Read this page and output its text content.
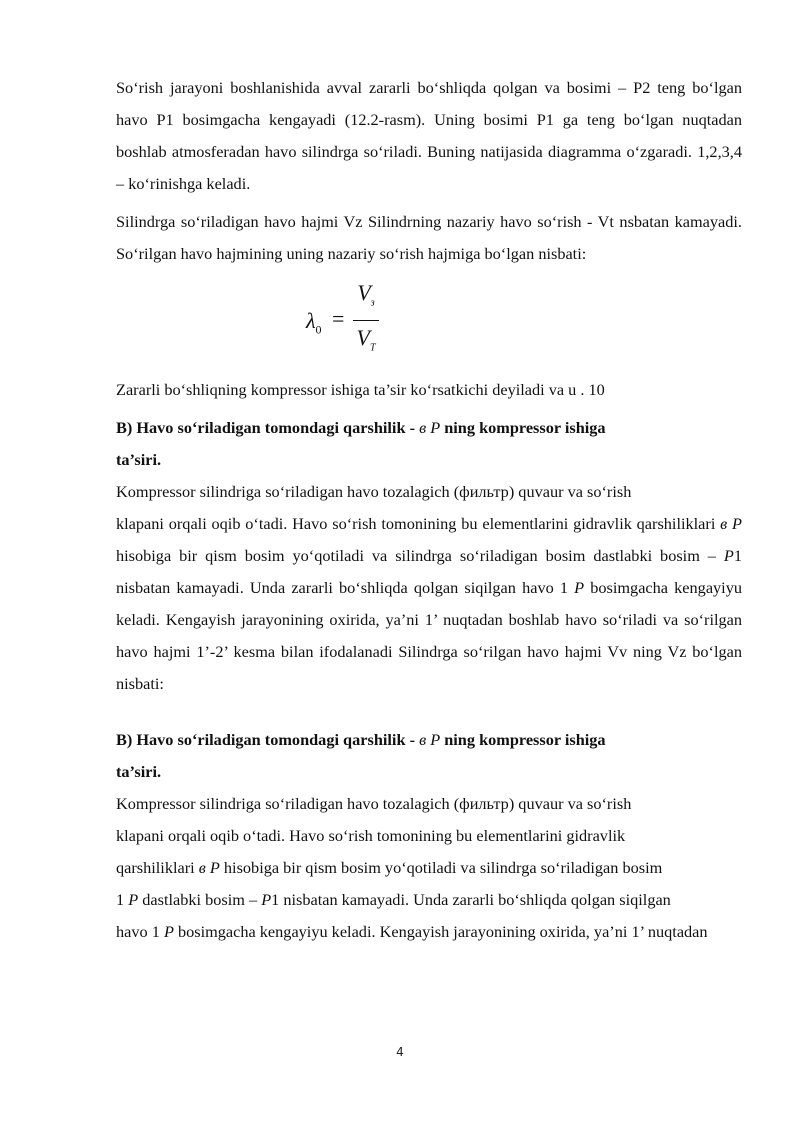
So‘rish jarayoni boshlanishida avval zararli bo‘shliqda qolgan va bosimi – P2 teng bo‘lgan havo P1 bosimgacha kengayadi (12.2-rasm). Uning bosimi P1 ga teng bo‘lgan nuqtadan boshlab atmosferadan havo silindrga so‘riladi. Buning natijasida diagramma o‘zgaradi. 1,2,3,4 – ko‘rinishga keladi.

Silindrga so‘riladigan havo hajmi Vz Silindrning nazariy havo so‘rish - Vt nsbatan kamayadi. So‘rilgan havo hajmining uning nazariy so‘rish hajmiga bo‘lgan nisbati:

$\lambda_0$ =
$V_з$
$V_T$

Zararli bo‘shliqning kompressor ishiga ta’sir ko‘rsatkichi deyiladi va u . 10

B) Havo so‘riladigan tomondagi qarshilik - в P ning kompressor ishiga

ta’siri.

Kompressor silindriga so‘riladigan havo tozalagich (фильтр) quvaur va so‘rish

klapani orqali oqib o‘tadi. Havo so‘rish tomonining bu elementlarini gidravlik qarshiliklari в P hisobiga bir qism bosim yo‘qotiladi va silindrga so‘riladigan bosim dastlabki bosim – P1 nisbatan kamayadi. Unda zararli bo‘shliqda qolgan siqilgan havo 1 P bosimgacha kengayiyu keladi. Kengayish jarayonining oxirida, ya’ni 1’ nuqtadan boshlab havo so‘riladi va so‘rilgan havo hajmi 1’-2’ kesma bilan ifodalanadi Silindrga so‘rilgan havo hajmi Vv ning Vz bo‘lgan nisbati:

B) Havo so‘riladigan tomondagi qarshilik - в P ning kompressor ishiga

ta’siri.

Kompressor silindriga so‘riladigan havo tozalagich (фильтр) quvaur va so‘rish

klapani orqali oqib o‘tadi. Havo so‘rish tomonining bu elementlarini gidravlik

qarshiliklari в P hisobiga bir qism bosim yo‘qotiladi va silindrga so‘riladigan bosim

1 P dastlabki bosim – P1 nisbatan kamayadi. Unda zararli bo‘shliqda qolgan siqilgan

havo 1 P bosimgacha kengayiyu keladi. Kengayish jarayonining oxirida, ya’ni 1’ nuqtadan

4
